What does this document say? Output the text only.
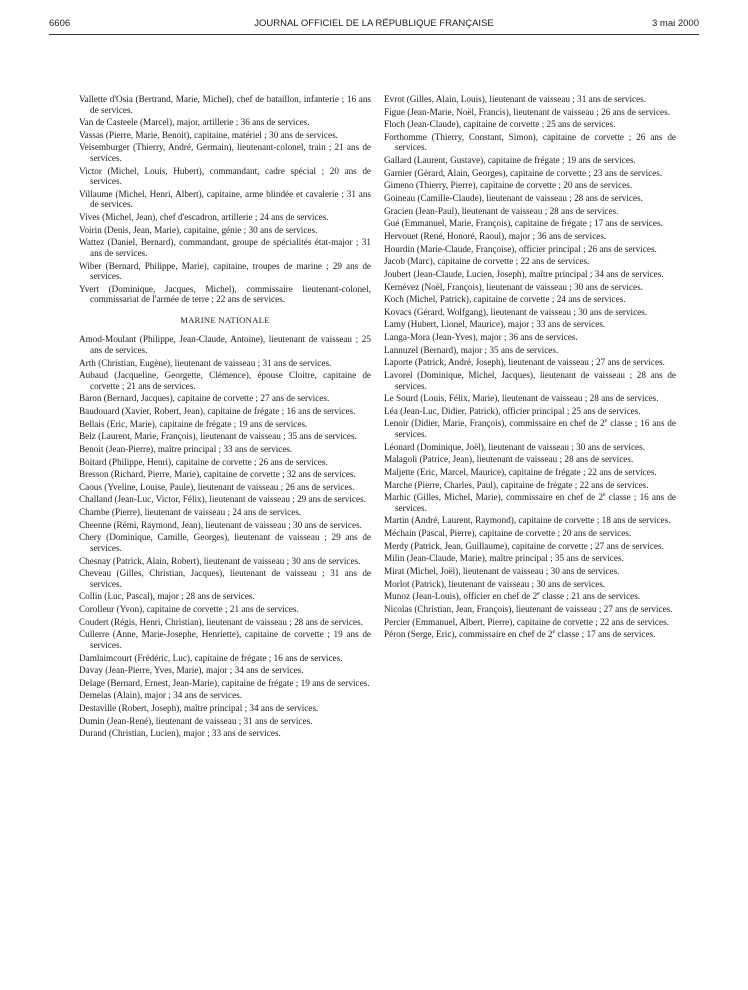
6606	JOURNAL OFFICIEL DE LA RÉPUBLIQUE FRANÇAISE	3 mai 2000

Vallette d'Osia (Bertrand, Marie, Michel), chef de bataillon, infanterie ; 16 ans de services.

Van de Casteele (Marcel), major, artillerie ; 36 ans de services.

Vassas (Pierre, Marie, Benoit), capitaine, matériel ; 30 ans de services.

Veisemburger (Thierry, André, Germain), lieutenant-colonel, train ; 21 ans de services.

Victor (Michel, Louis, Hubert), commandant, cadre spécial ; 20 ans de services.

Villaume (Michel, Henri, Albert), capitaine, arme blindée et cavalerie ; 31 ans de services.

Vives (Michel, Jean), chef d'escadron, artillerie ; 24 ans de services.

Voirin (Denis, Jean, Marie), capitaine, génie ; 30 ans de services.

Wattez (Daniel, Bernard), commandant, groupe de spécialités état-major ; 31 ans de services.

Wiber (Bernard, Philippe, Marie), capitaine, troupes de marine ; 29 ans de services.

Yvert (Dominique, Jacques, Michel), commissaire lieutenant-colonel, commissariat de l'armée de terre ; 22 ans de services.

MARINE NATIONALE

Amod-Moulant (Philippe, Jean-Claude, Antoine), lieutenant de vaisseau ; 25 ans de services.

Arth (Christian, Eugène), lieutenant de vaisseau ; 31 ans de services.

Aubaud (Jacqueline, Georgette, Clémence), épouse Cloitre, capitaine de corvette ; 21 ans de services.

Baron (Bernard, Jacques), capitaine de corvette ; 27 ans de services.

Baudouard (Xavier, Robert, Jean), capitaine de frégate ; 16 ans de services.

Bellais (Eric, Marie), capitaine de frégate ; 19 ans de services.

Belz (Laurent, Marie, François), lieutenant de vaisseau ; 35 ans de services.

Benoit (Jean-Pierre), maître principal ; 33 ans de services.

Boitard (Philippe, Henri), capitaine de corvette ; 26 ans de services.

Bresson (Richard, Pierre, Marie), capitaine de corvette ; 32 ans de services.

Caous (Yveline, Louise, Paule), lieutenant de vaisseau ; 26 ans de services.

Challand (Jean-Luc, Victor, Félix), lieutenant de vaisseau ; 29 ans de services.

Chambe (Pierre), lieutenant de vaisseau ; 24 ans de services.

Cheenne (Rémi, Raymond, Jean), lieutenant de vaisseau ; 30 ans de services.

Chery (Dominique, Camille, Georges), lieutenant de vaisseau ; 29 ans de services.

Chesnay (Patrick, Alain, Robert), lieutenant de vaisseau ; 30 ans de services.

Cheveau (Gilles, Christian, Jacques), lieutenant de vaisseau ; 31 ans de services.

Collin (Luc, Pascal), major ; 28 ans de services.

Corolleur (Yvon), capitaine de corvette ; 21 ans de services.

Coudert (Régis, Henri, Christian), lieutenant de vaisseau ; 28 ans de services.

Cullerre (Anne, Marie-Josephe, Henriette), capitaine de corvette ; 19 ans de services.

Damlaimcourt (Frédéric, Luc), capitaine de frégate ; 16 ans de services.

Davay (Jean-Pierre, Yves, Marie), major ; 34 ans de services.

Delage (Bernard, Ernest, Jean-Marie), capitaine de frégate ; 19 ans de services.

Demelas (Alain), major ; 34 ans de services.

Destaville (Robert, Joseph), maître principal ; 34 ans de services.

Dumin (Jean-René), lieutenant de vaisseau ; 31 ans de services.

Durand (Christian, Lucien), major ; 33 ans de services.

Evrot (Gilles, Alain, Louis), lieutenant de vaisseau ; 31 ans de services.

Figue (Jean-Marie, Noël, Francis), lieutenant de vaisseau ; 26 ans de services.

Floch (Jean-Claude), capitaine de corvette ; 25 ans de services.

Forthomme (Thierry, Constant, Simon), capitaine de corvette ; 26 ans de services.

Gallard (Laurent, Gustave), capitaine de frégate ; 19 ans de services.

Garnier (Gérard, Alain, Georges), capitaine de corvette ; 23 ans de services.

Gimeno (Thierry, Pierre), capitaine de corvette ; 20 ans de services.

Goineau (Camille-Claude), lieutenant de vaisseau ; 28 ans de services.

Gracien (Jean-Paul), lieutenant de vaisseau ; 28 ans de services.

Gué (Emmanuel, Marie, François), capitaine de frégate ; 17 ans de services.

Hervouet (René, Honoré, Raoul), major ; 36 ans de services.

Hourdin (Marie-Claude, Françoise), officier principal ; 26 ans de services.

Jacob (Marc), capitaine de corvette ; 22 ans de services.

Joubert (Jean-Claude, Lucien, Joseph), maître principal ; 34 ans de services.

Kernévez (Noël, François), lieutenant de vaisseau ; 30 ans de services.

Koch (Michel, Patrick), capitaine de corvette ; 24 ans de services.

Kovacs (Gérard, Wolfgang), lieutenant de vaisseau ; 30 ans de services.

Lamy (Hubert, Lionel, Maurice), major ; 33 ans de services.

Langa-Mora (Jean-Yves), major ; 36 ans de services.

Lannuzel (Bernard), major ; 35 ans de services.

Laporte (Patrick, André, Joseph), lieutenant de vaisseau ; 27 ans de services.

Lavorel (Dominique, Michel, Jacques), lieutenant de vaisseau ; 28 ans de services.

Le Sourd (Louis, Félix, Marie), lieutenant de vaisseau ; 28 ans de services.

Léa (Jean-Luc, Didier, Patrick), officier principal ; 25 ans de services.

Lenoir (Didier, Marie, François), commissaire en chef de 2e classe ; 16 ans de services.

Léonard (Dominique, Joël), lieutenant de vaisseau ; 30 ans de services.

Malagoli (Patrice, Jean), lieutenant de vaisseau ; 28 ans de services.

Maljette (Eric, Marcel, Maurice), capitaine de frégate ; 22 ans de services.

Marche (Pierre, Charles, Paul), capitaine de frégate ; 22 ans de services.

Marhic (Gilles, Michel, Marie), commissaire en chef de 2e classe ; 16 ans de services.

Martin (André, Laurent, Raymond), capitaine de corvette ; 18 ans de services.

Méchain (Pascal, Pierre), capitaine de corvette ; 20 ans de services.

Merdy (Patrick, Jean, Guillaume), capitaine de corvette ; 27 ans de services.

Milin (Jean-Claude, Marie), maître principal ; 35 ans de services.

Mirat (Michel, Joël), lieutenant de vaisseau ; 30 ans de services.

Morlot (Patrick), lieutenant de vaisseau ; 30 ans de services.

Munoz (Jean-Louis), officier en chef de 2e classe ; 21 ans de services.

Nicolas (Christian, Jean, François), lieutenant de vaisseau ; 27 ans de services.

Percier (Emmanuel, Albert, Pierre), capitaine de corvette ; 22 ans de services.

Péron (Serge, Eric), commissaire en chef de 2e classe ; 17 ans de services.
